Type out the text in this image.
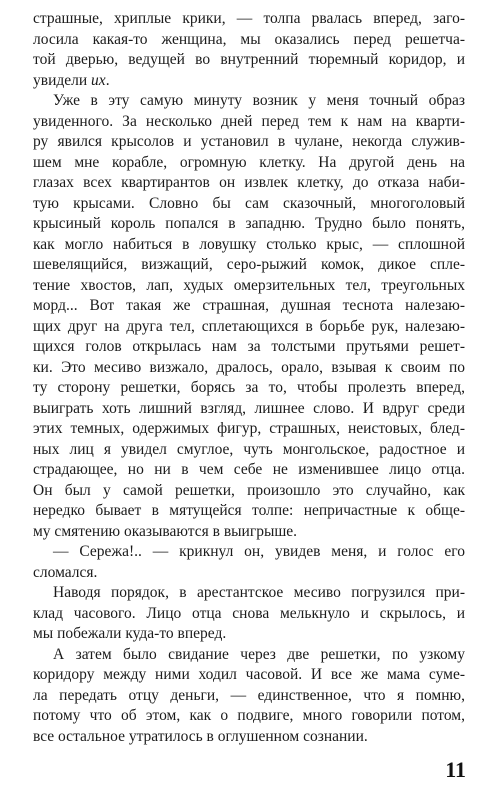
страшные, хриплые крики, — толпа рвалась вперед, заго-
лосила какая-то женщина, мы оказались перед решетча-
той дверью, ведущей во внутренний тюремный коридор, и
увидели их.
Уже в эту самую минуту возник у меня точный образ
увиденного. За несколько дней перед тем к нам на кварти-
ру явился крысолов и установил в чулане, некогда служив-
шем мне корабле, огромную клетку. На другой день на
глазах всех квартирантов он извлек клетку, до отказа наби-
тую крысами. Словно бы сам сказочный, многоголовый
крысиный король попался в западню. Трудно было понять,
как могло набиться в ловушку столько крыс, — сплошной
шевелящийся, визжащий, серо-рыжий комок, дикое спле-
тение хвостов, лап, худых омерзительных тел, треугольных
морд... Вот такая же страшная, душная теснота налезаю-
щих друг на друга тел, сплетающихся в борьбе рук, налезаю-
щихся голов открылась нам за толстыми прутьями решет-
ки. Это месиво визжало, дралось, орало, взывая к своим по
ту сторону решетки, борясь за то, чтобы пролезть вперед,
выиграть хоть лишний взгляд, лишнее слово. И вдруг среди
этих темных, одержимых фигур, страшных, неистовых, блед-
ных лиц я увидел смуглое, чуть монгольское, радостное и
страдающее, но ни в чем себе не изменившее лицо отца.
Он был у самой решетки, произошло это случайно, как
нередко бывает в мятущейся толпе: непричастные к обще-
му смятению оказываются в выигрыше.
— Сережа!.. — крикнул он, увидев меня, и голос его
сломался.
Наводя порядок, в арестантское месиво погрузился при-
клад часового. Лицо отца снова мелькнуло и скрылось, и
мы побежали куда-то вперед.
А затем было свидание через две решетки, по узкому
коридору между ними ходил часовой. И все же мама суме-
ла передать отцу деньги, — единственное, что я помню,
потому что об этом, как о подвиге, много говорили потом,
все остальное утратилось в оглушенном сознании.
11
